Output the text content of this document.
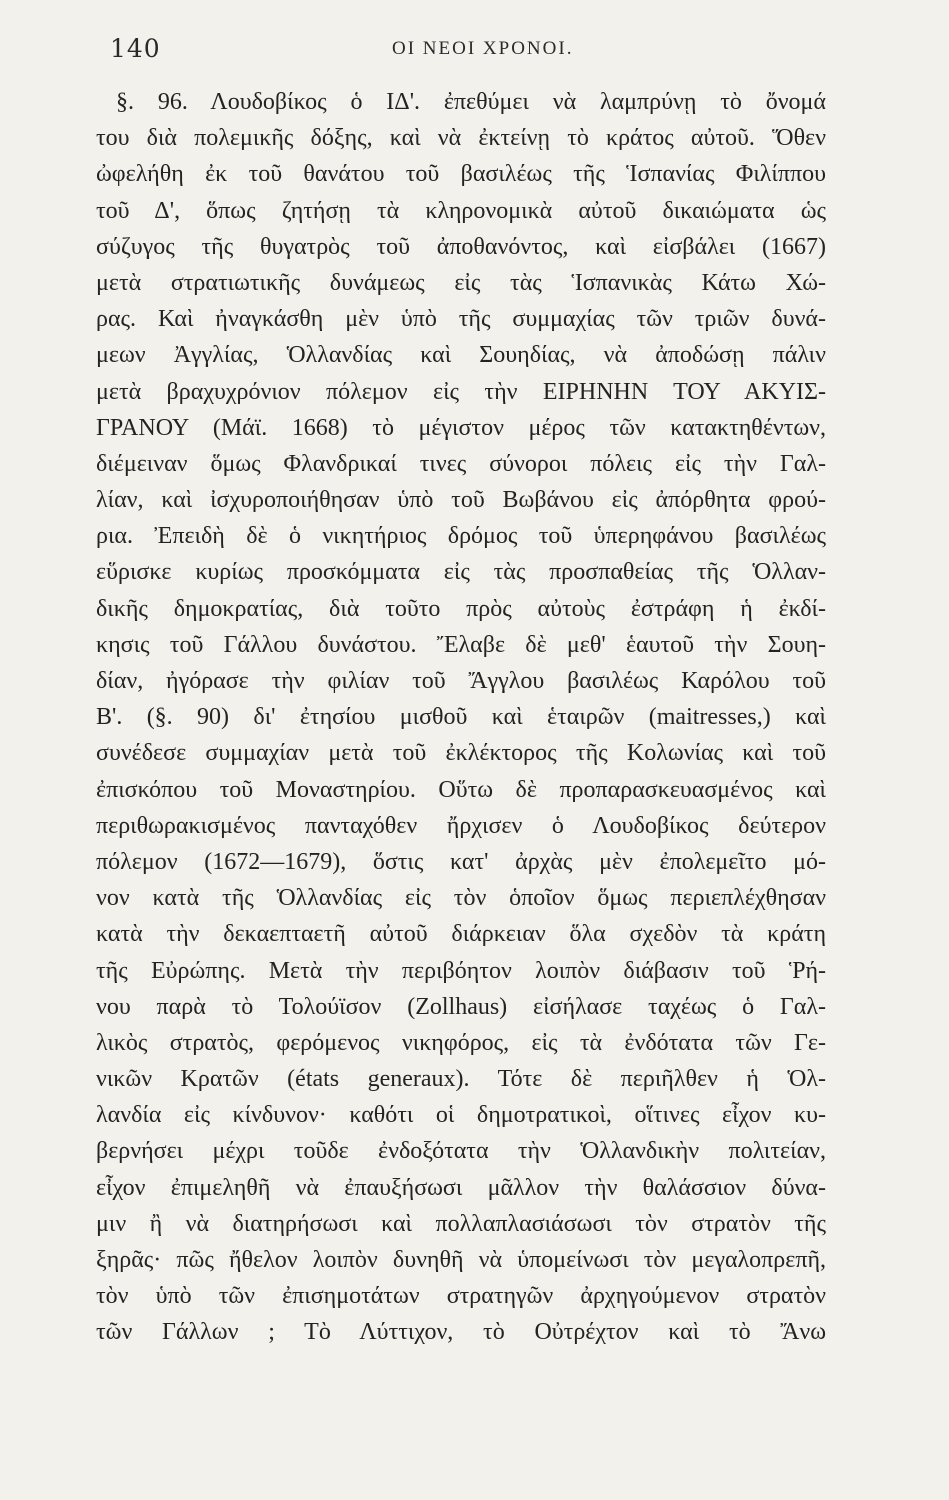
140	ΟΙ ΝΕΟΙ ΧΡΟΝΟΙ.
§. 96. Λουδοβίκος ὁ ΙΔ'. ἐπεθύμει νὰ λαμπρύνῃ τὸ ὄνομά
του διὰ πολεμικῆς δόξης, καὶ νὰ ἐκτείνῃ τὸ κράτος αὐτοῦ. Ὅθεν
ὠφελήθη ἐκ τοῦ θανάτου τοῦ βασιλέως τῆς Ἱσπανίας Φιλίππου
τοῦ Δ', ὅπως ζητήσῃ τὰ κληρονομικὰ αὐτοῦ δικαιώματα ὡς
σύζυγος τῆς θυγατρὸς τοῦ ἀποθανόντος, καὶ εἰσβάλει (1667)
μετὰ στρατιωτικῆς δυνάμεως εἰς τὰς Ἱσπανικὰς Κάτω Χώ-
ρας. Καὶ ἠναγκάσθη μὲν ὑπὸ τῆς συμμαχίας τῶν τριῶν δυνά-
μεων Ἀγγλίας, Ὁλλανδίας καὶ Σουηδίας, νὰ ἀποδώσῃ πάλιν
μετὰ βραχυχρόνιον πόλεμον εἰς τὴν ΕΙΡΗΝΗΝ ΤΟΥ ΑΚΥΙΣ-
ΓΡΑΝΟΥ (Μάϊ. 1668) τὸ μέγιστον μέρος τῶν κατακτηθέντων,
διέμειναν ὅμως Φλανδρικαί τινες σύνοροι πόλεις εἰς τὴν Γαλ-
λίαν, καὶ ἰσχυροποιήθησαν ὑπὸ τοῦ Βωβάνου εἰς ἀπόρθητα φρού-
ρια. Ἐπειδὴ δὲ ὁ νικητήριος δρόμος τοῦ ὑπερηφάνου βασιλέως
εὕρισκε κυρίως προσκόμματα εἰς τὰς προσπαθείας τῆς Ὁλλαν-
δικῆς δημοκρατίας, διὰ τοῦτο πρὸς αὐτοὺς ἐστράφη ἡ ἐκδί-
κησις τοῦ Γάλλου δυνάστου. Ἔλαβε δὲ μεθ' ἑαυτοῦ τὴν Σουη-
δίαν, ἠγόρασε τὴν φιλίαν τοῦ Ἄγγλου βασιλέως Καρόλου τοῦ
Β'. (§. 90) δι' ἐτησίου μισθοῦ καὶ ἑταιρῶν (maitresses,) καὶ
συνέδεσε συμμαχίαν μετὰ τοῦ ἐκλέκτορος τῆς Κολωνίας καὶ τοῦ
ἐπισκόπου τοῦ Μοναστηρίου. Οὕτω δὲ προπαρασκευασμένος καὶ
περιθωρακισμένος πανταχόθεν ἤρχισεν ὁ Λουδοβίκος δεύτερον
πόλεμον (1672—1679), ὅστις κατ' ἀρχὰς μὲν ἐπολεμεῖτο μό-
νον κατὰ τῆς Ὁλλανδίας εἰς τὸν ὁποῖον ὅμως περιεπλέχθησαν
κατὰ τὴν δεκαεπταετῆ αὐτοῦ διάρκειαν ὅλα σχεδὸν τὰ κράτη
τῆς Εὐρώπης. Μετὰ τὴν περιβόητον λοιπὸν διάβασιν τοῦ Ῥή-
νου παρὰ τὸ Τολούϊσον (Zollhaus) εἰσήλασε ταχέως ὁ Γαλ-
λικὸς στρατὸς, φερόμενος νικηφόρος, εἰς τὰ ἐνδότατα τῶν Γε-
νικῶν Κρατῶν (états generaux). Τότε δὲ περιῆλθεν ἡ Ὁλ-
λανδία εἰς κίνδυνον· καθότι οἱ δημοτρατικοὶ, οἵτινες εἶχον κυ-
βερνήσει μέχρι τοῦδε ἐνδοξότατα τὴν Ὁλλανδικὴν πολιτείαν,
εἶχον ἐπιμεληθῆ νὰ ἐπαυξήσωσι μᾶλλον τὴν θαλάσσιον δύνα-
μιν ἢ νὰ διατηρήσωσι καὶ πολλαπλασιάσωσι τὸν στρατὸν τῆς
ξηρᾶς· πῶς ἤθελον λοιπὸν δυνηθῆ νὰ ὑπομείνωσι τὸν μεγαλοπρεπῆ,
τὸν ὑπὸ τῶν ἐπισημοτάτων στρατηγῶν ἀρχηγούμενον στρατὸν
τῶν Γάλλων ; Τὸ Λύττιχον, τὸ Οὐτρέχτον καὶ τὸ Ἄνω
